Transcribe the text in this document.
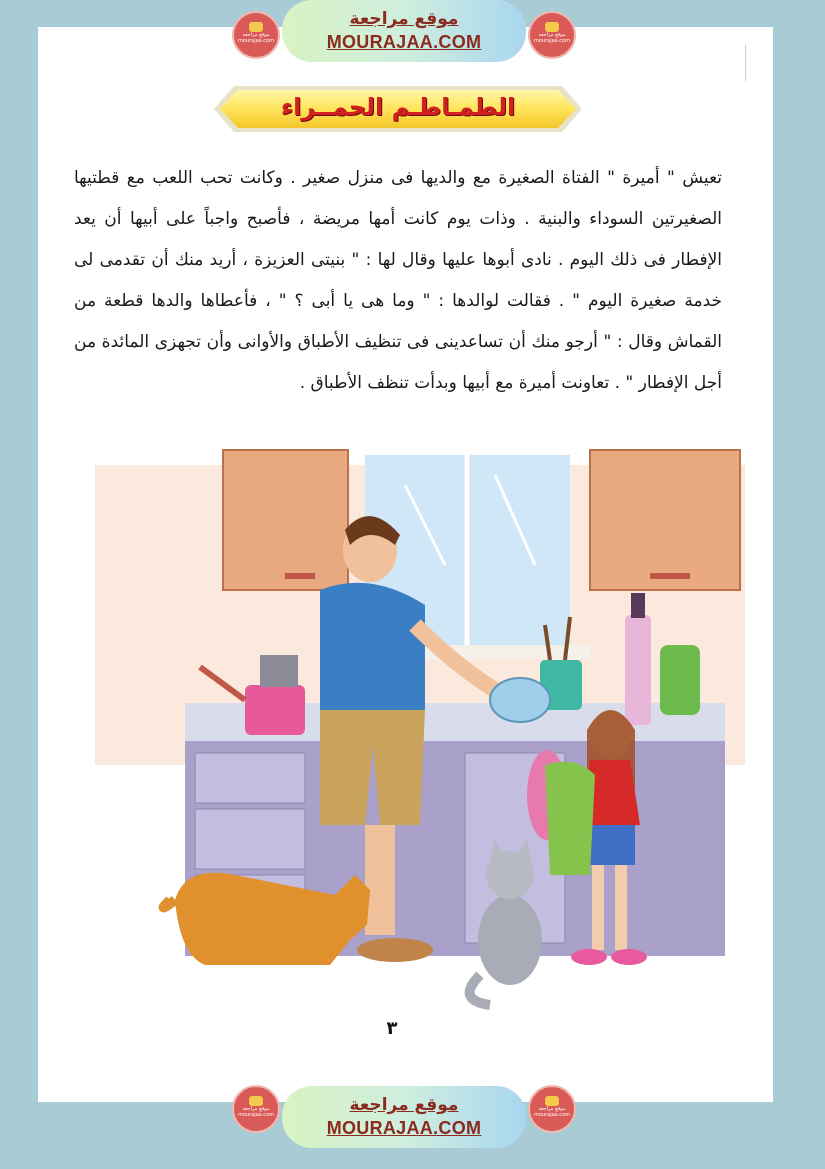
موقع مراجعة
mourajaa.com
موقع مراجعة
MOURAJAA.COM	موقع مراجعة
mourajaa.com
الطمـاطـم الحمــراء

تعيش " أميرة " الفتاة الصغيرة مع والديها فى منزل صغير . وكانت تحب اللعب مع قطتيها الصغيرتين السوداء والبنية . وذات يوم كانت أمها مريضة ، فأصبح واجباً على أبيها أن يعد الإفطار فى ذلك اليوم . نادى أبوها عليها وقال لها : " بنيتى العزيزة ، أريد منك أن تقدمى لى خدمة صغيرة اليوم " . فقالت لوالدها : " وما هى يا أبى ؟ " ، فأعطاها والدها قطعة من القماش وقال : " أرجو منك أن تساعدينى فى تنظيف الأطباق والأوانى وأن تجهزى المائدة من أجل الإفطار " . تعاونت أميرة مع أبيها وبدأت تنظف الأطباق .

٣
موقع مراجعة
mourajaa.com	موقع مراجعة
MOURAJAA.COM
موقع مراجعة
mourajaa.com
